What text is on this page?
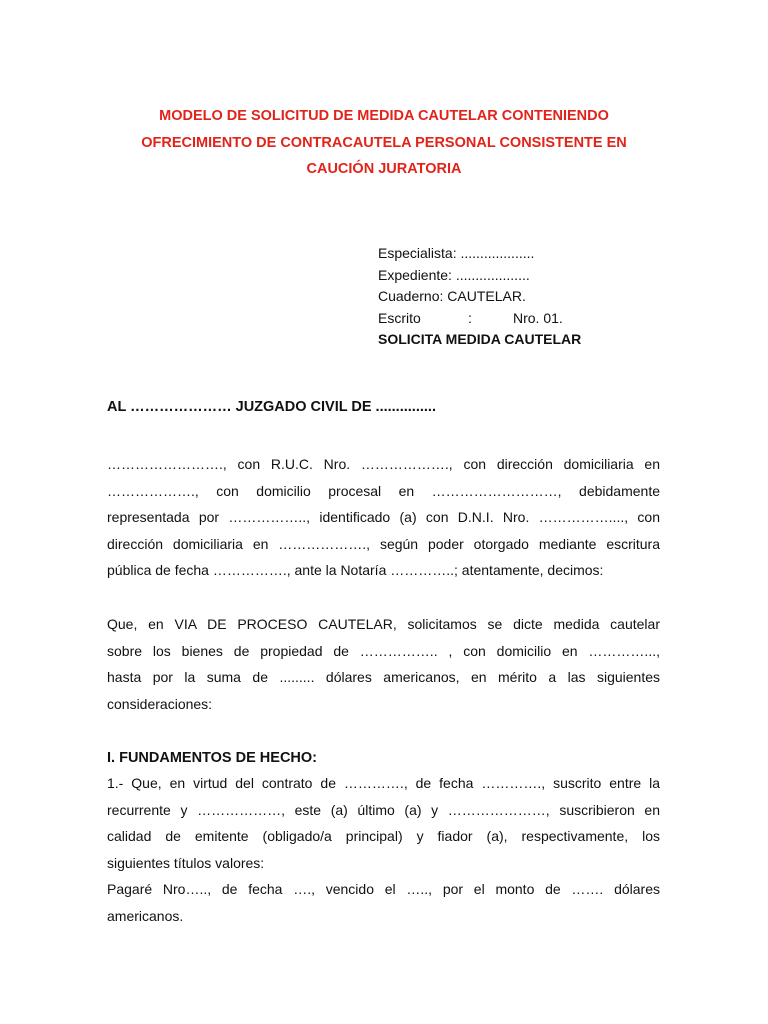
MODELO DE SOLICITUD DE MEDIDA CAUTELAR CONTENIENDO
OFRECIMIENTO DE CONTRACAUTELA PERSONAL CONSISTENTE EN
CAUCIÓN JURATORIA
Especialista: ...................
Expediente: ...................
Cuaderno: CAUTELAR.
Escrito	:	Nro. 01.
SOLICITA MEDIDA CAUTELAR
AL ………………… JUZGADO CIVIL DE ...............
……………………., con R.U.C. Nro. ………………., con dirección domiciliaria en
………………., con domicilio procesal en ………………………, debidamente
representada por …………….., identificado (a) con D.N.I. Nro. ……………...., con
dirección domiciliaria en ………………., según poder otorgado mediante escritura
pública de fecha ……………., ante la Notaría …………..; atentamente, decimos:
Que, en VIA DE PROCESO CAUTELAR, solicitamos se dicte medida cautelar
sobre los bienes de propiedad de …………….. , con domicilio en …………...,
hasta por la suma de ......... dólares americanos, en mérito a las siguientes
consideraciones:
I. FUNDAMENTOS DE HECHO:
1.- Que, en virtud del contrato de …………., de fecha …………., suscrito entre la
recurrente y ………………, este (a) último (a) y …………………, suscribieron en
calidad de emitente (obligado/a principal) y fiador (a), respectivamente, los
siguientes títulos valores:
Pagaré Nro….., de fecha …., vencido el ….., por el monto de ……. dólares
americanos.
